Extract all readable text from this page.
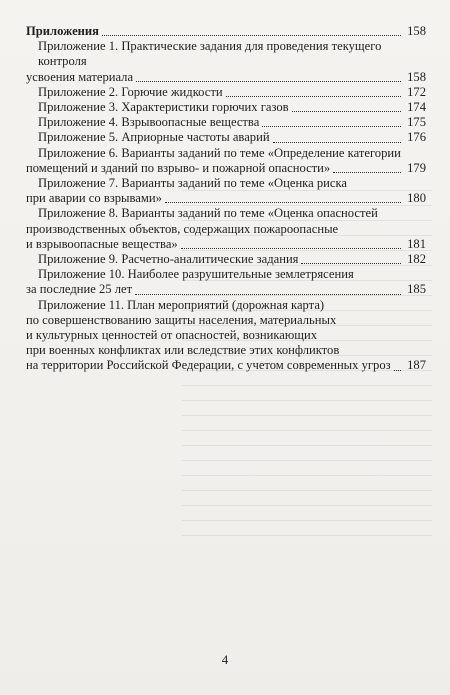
Приложения	158
Приложение 1. Практические задания для проведения текущего контроля
усвоения материала	158
Приложение 2. Горючие жидкости	172
Приложение 3. Характеристики горючих газов	174
Приложение 4. Взрывоопасные вещества	175
Приложение 5. Априорные частоты аварий	176
Приложение 6. Варианты заданий по теме «Определение категории
помещений и зданий по взрыво- и пожарной опасности»	179
Приложение 7. Варианты заданий по теме «Оценка риска
при аварии со взрывами»	180
Приложение 8. Варианты заданий по теме «Оценка опасностей
производственных объектов, содержащих пожароопасные
и взрывоопасные вещества»	181
Приложение 9. Расчетно-аналитические задания	182
Приложение 10. Наиболее разрушительные землетрясения
за последние 25 лет	185
Приложение 11. План мероприятий (дорожная карта)
по совершенствованию защиты населения, материальных
и культурных ценностей от опасностей, возникающих
при военных конфликтах или вследствие этих конфликтов
на территории Российской Федерации, с учетом современных угроз 187
4
